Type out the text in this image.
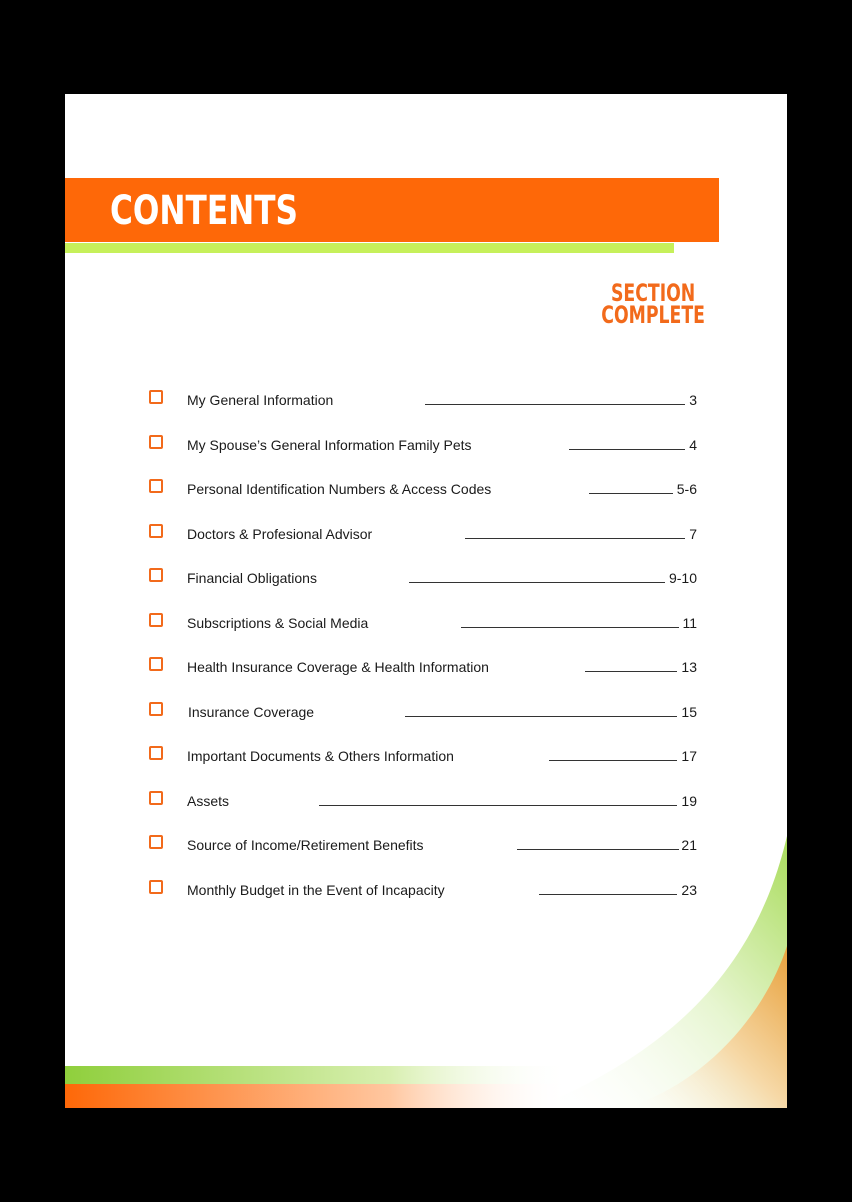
CONTENTS
SECTION
COMPLETE
My General Information	3
My Spouse’s General Information Family Pets	4
Personal Identification Numbers & Access Codes	5-6
Doctors & Profesional Advisor	7
Financial Obligations	9-10
Subscriptions & Social Media	11
Health Insurance Coverage & Health Information	13
Insurance Coverage	15
Important Documents & Others Information	17
Assets	19
Source of Income/Retirement Benefits	21
Monthly Budget in the Event of Incapacity	23
